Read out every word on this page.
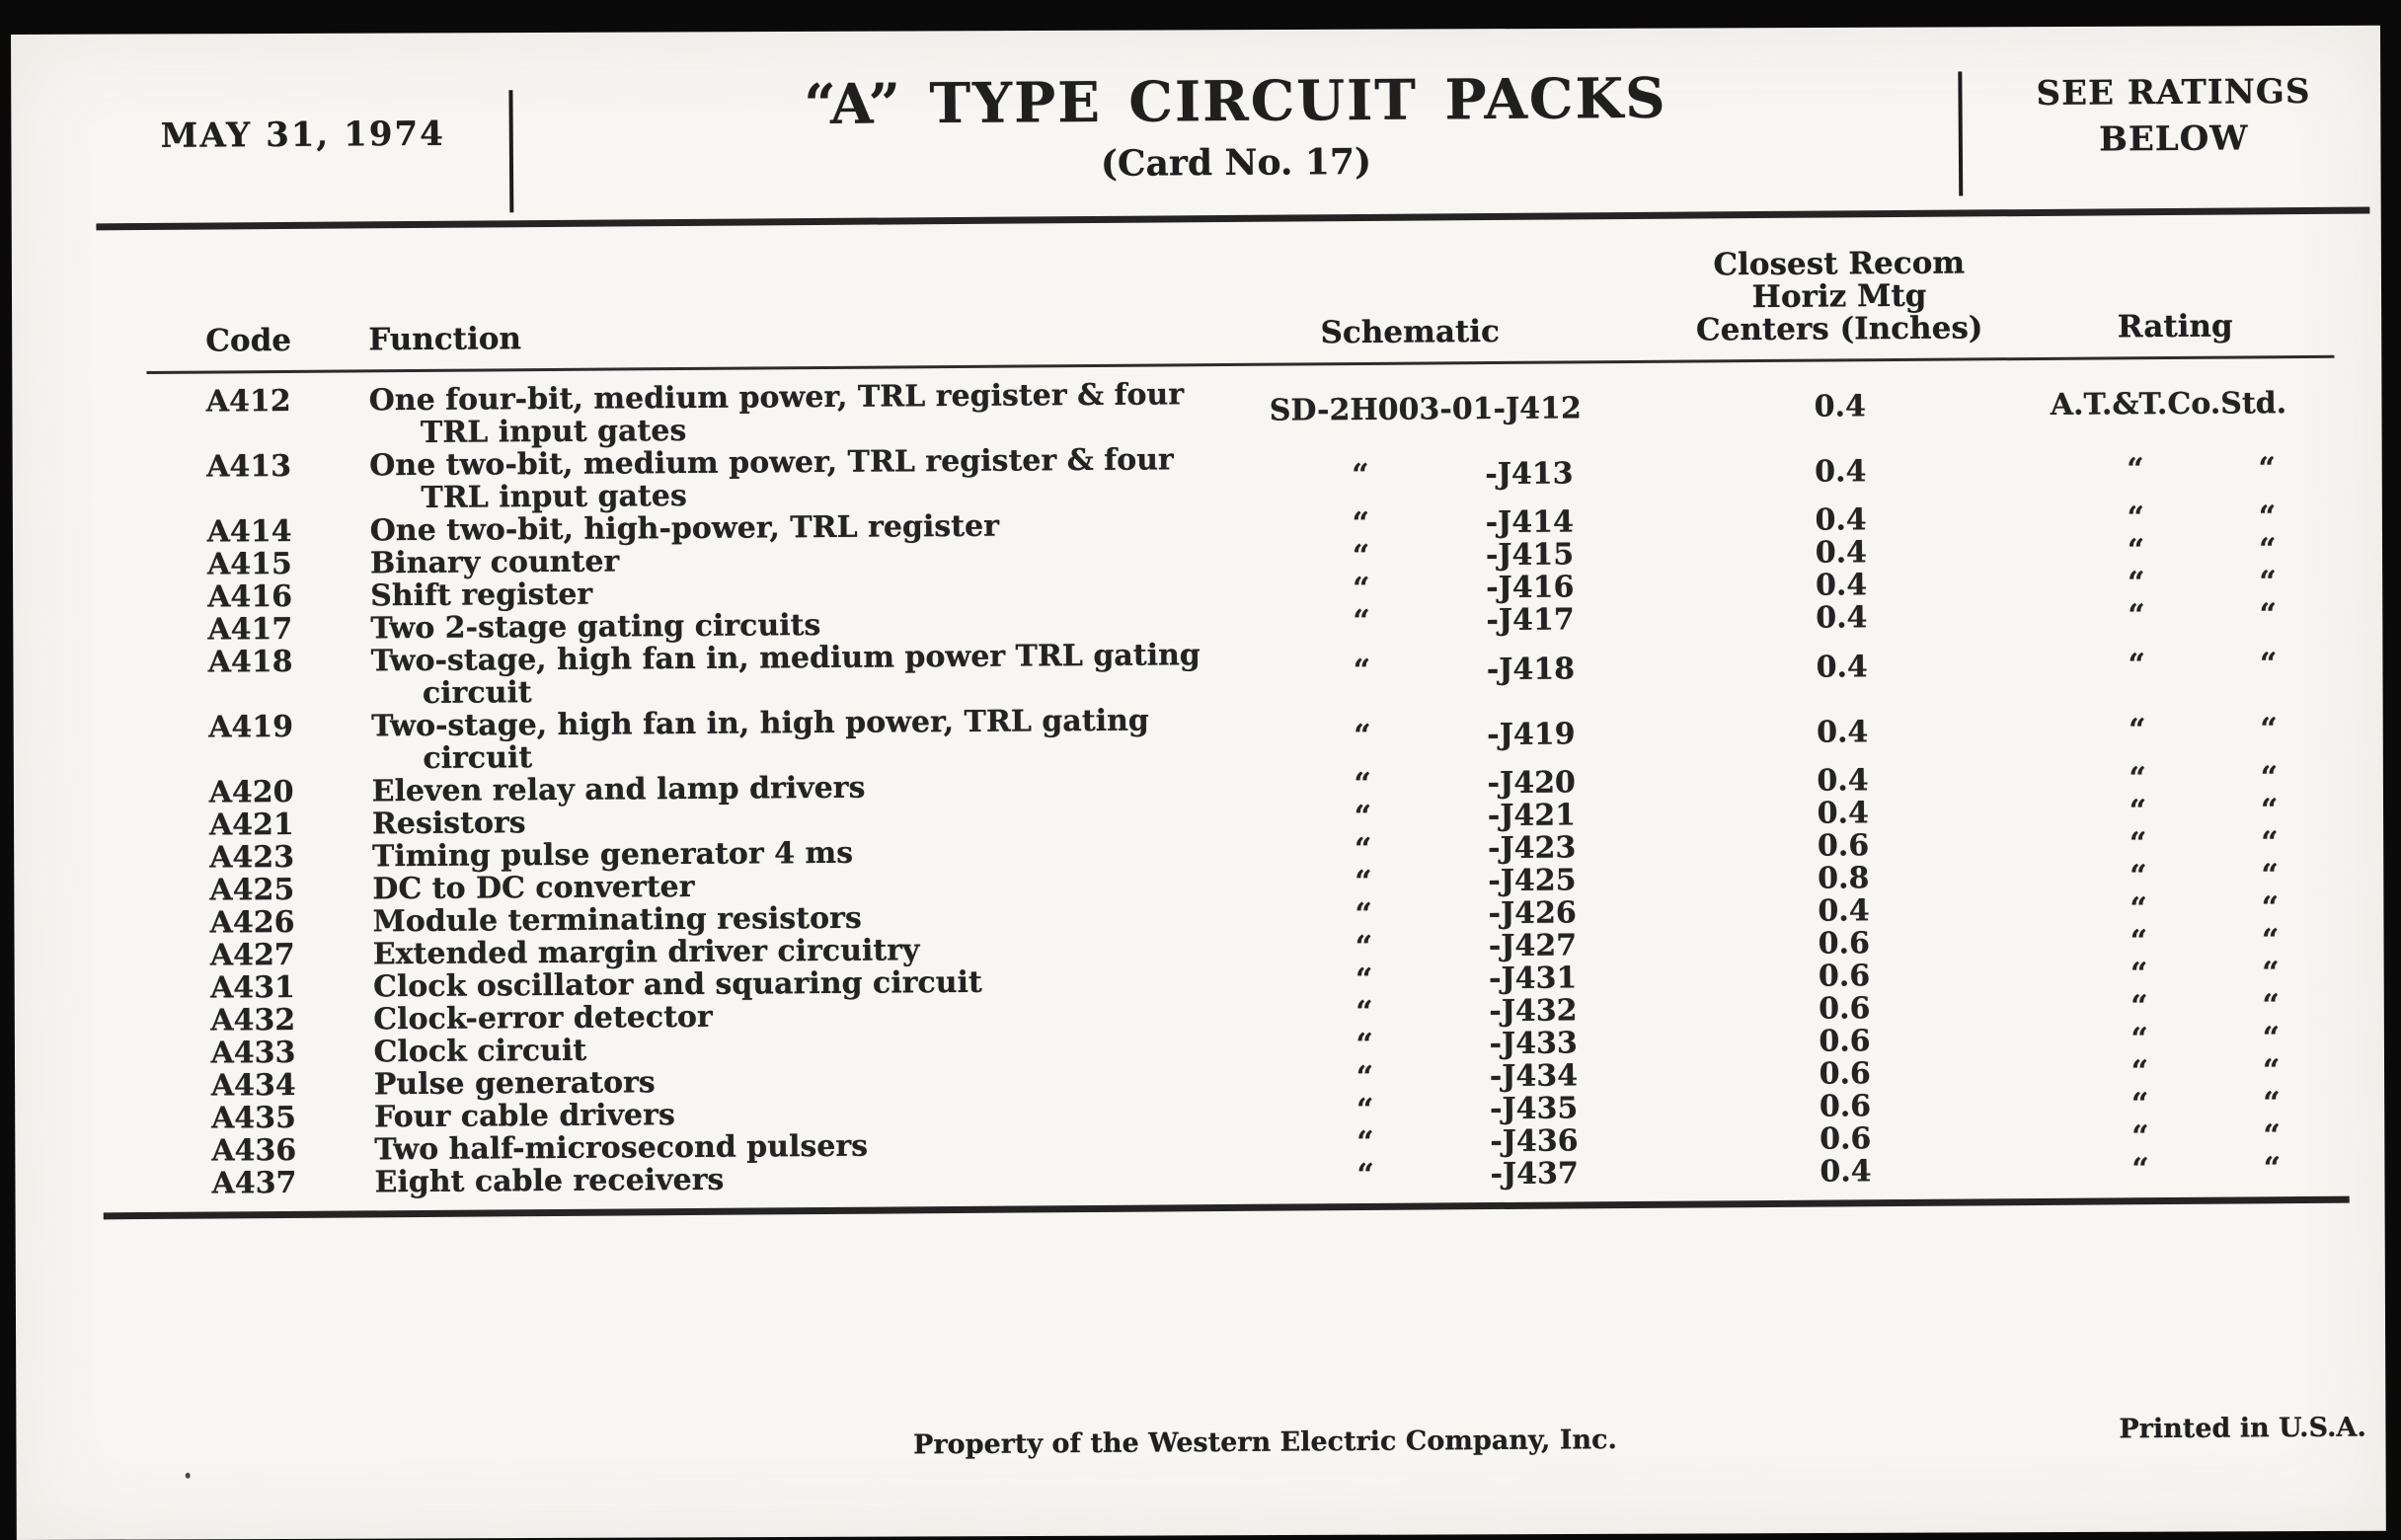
MAY 31, 1974	“A” TYPE CIRCUIT PACKS
(Card No. 17)
SEE RATINGS
BELOW
Code	Function	Schematic
Closest Recom
Horiz Mtg
Centers (Inches)	Rating
A412	One four-bit, medium power, TRL register & four
TRL input gates	SD-2H003-01-J412	0.4	A.T.&T.Co.Std.
A413	One two-bit, medium power, TRL register & four
TRL input gates	“ -J413	0.4	“ “
A414	One two-bit, high-power, TRL register	“ -J414	0.4	“ “
A415	Binary counter	“ -J415	0.4	“ “
A416	Shift register	“ -J416	0.4	“ “
A417	Two 2-stage gating circuits	“ -J417	0.4	“ “
A418	Two-stage, high fan in, medium power TRL gating
circuit	“ -J418	0.4	“ “
A419	Two-stage, high fan in, high power, TRL gating
circuit	“ -J419	0.4	“ “
A420	Eleven relay and lamp drivers	“ -J420	0.4	“ “
A421	Resistors	“ -J421	0.4	“ “
A423	Timing pulse generator 4 ms	“ -J423	0.6	“ “
A425	DC to DC converter	“ -J425	0.8	“ “
A426	Module terminating resistors	“ -J426	0.4	“ “
A427	Extended margin driver circuitry	“ -J427	0.6	“ “
A431	Clock oscillator and squaring circuit	“ -J431	0.6	“ “
A432	Clock-error detector	“ -J432	0.6	“ “
A433	Clock circuit	“ -J433	0.6	“ “
A434	Pulse generators	“ -J434	0.6	“ “
A435	Four cable drivers	“ -J435	0.6	“ “
A436	Two half-microsecond pulsers	“ -J436	0.6	“ “
A437	Eight cable receivers	“ -J437	0.4	“ “
Property of the Western Electric Company, Inc.	Printed in U.S.A.
